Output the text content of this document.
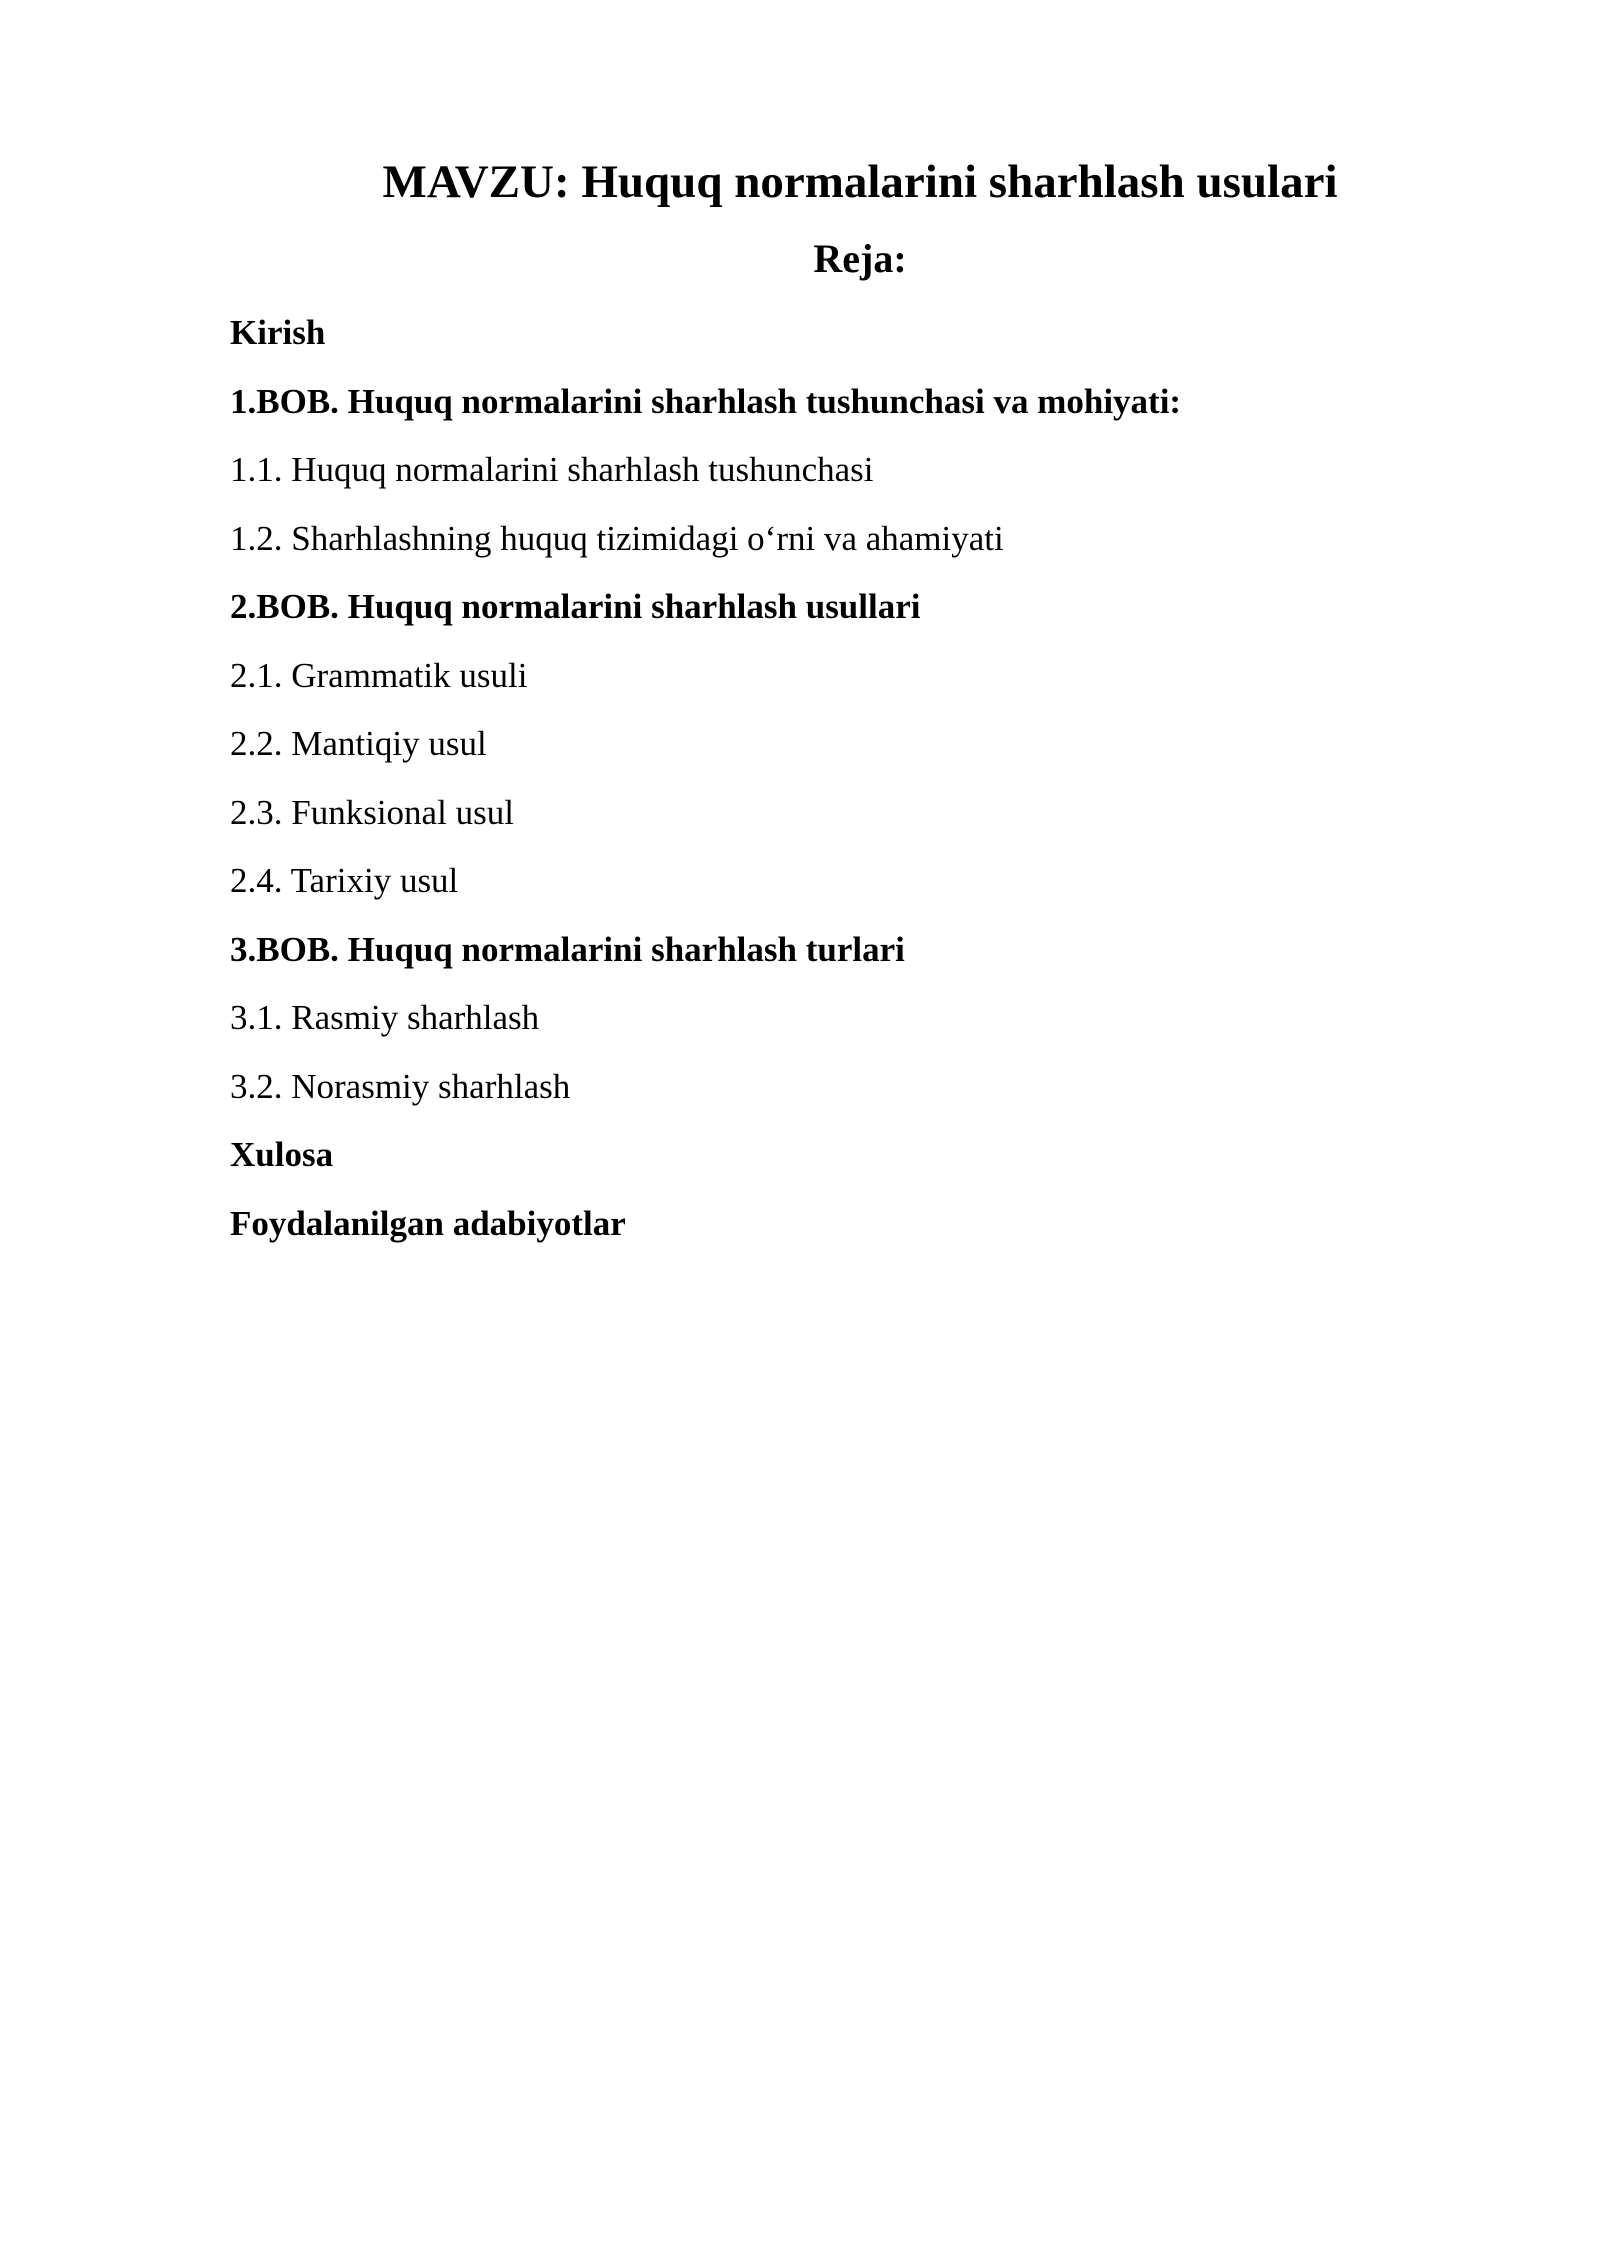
MAVZU: Huquq normalarini sharhlash usulari
Reja:
Kirish
1.BOB. Huquq normalarini sharhlash tushunchasi va mohiyati:
1.1. Huquq normalarini sharhlash tushunchasi
1.2. Sharhlashning huquq tizimidagi o‘rni va ahamiyati
2.BOB. Huquq normalarini sharhlash usullari
2.1. Grammatik usuli
2.2. Mantiqiy usul
2.3. Funksional usul
2.4. Tarixiy usul
3.BOB. Huquq normalarini sharhlash turlari
3.1. Rasmiy sharhlash
3.2. Norasmiy sharhlash
Xulosa
Foydalanilgan adabiyotlar
